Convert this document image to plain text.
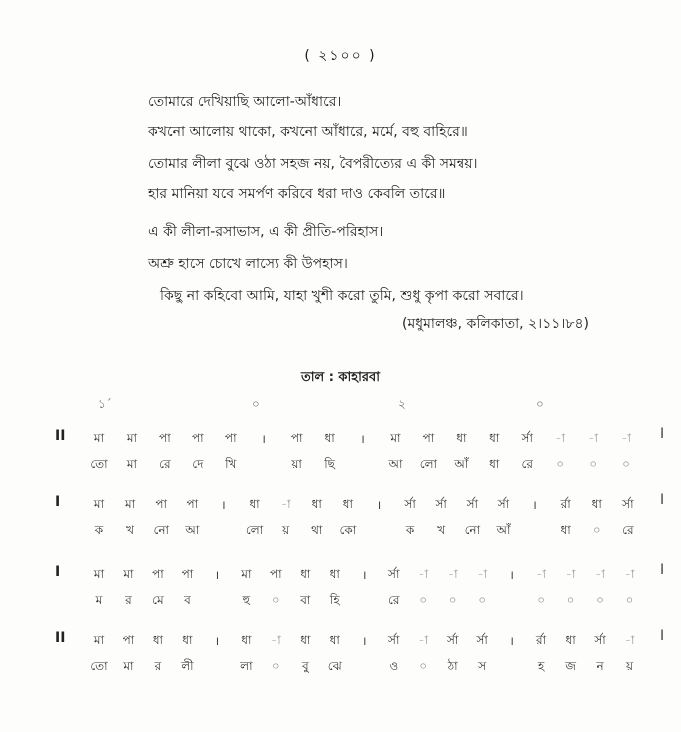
( ২১০০ )
তোমারে দেখিয়াছি আলো-আঁধারে।
কখনো আলোয় থাকো, কখনো আঁধারে, মর্মে, বহু বাহিরে॥
তোমার লীলা বুঝে ওঠা সহজ নয়, বৈপরীত্যের এ কী সমন্বয়।
হার মানিয়া যবে সমর্পণ করিবে ধরা দাও কেবলি তারে॥
এ কী লীলা-রসাভাস, এ কী প্রীতি-পরিহাস।
অশ্রু হাসে চোখে লাস্যে কী উপহাস।
কিছু না কহিবো আমি, যাহা খুশী করো তুমি, শুধু কৃপা করো সবারে।
(মধুমালঞ্চ, কলিকাতা, ২।১১।৮৪)
তাল : কাহারবা
১´	০	২	০
II	I
মা	মা	পা	পা	পা	।	পা	ধা	।	মা	পা	ধা	ধা	র্সা	-া	-া	-া
তো	মা	রে	দে	খি	য়া	ছি	আ	লো	আঁ	ধা	রে	০	০	০
I	I
মা	মা	পা	পা	।	ধা	-া	ধা	ধা	।	র্সা	র্সা	র্সা	র্সা	।	র্রা	ধা	র্সা
ক	খ	নো	আ	লো	য়	থা	কো	ক	খ	নো	আঁ	ধা	০	রে
I	I
মা	মা	পা	পা	।	মা	পা	ধা	ধা	।	র্সা	-া	-া	-া	।	-া	-া	-া	-া
ম	র	মে	ব	হু	০	বা	হি	রে	০	০	০	০	০	০	০
II	I
মা	পা	ধা	ধা	।	ধা	-া	ধা	ধা	।	র্সা	-া	র্সা	র্সা	।	র্রা	ধা	র্সা	-া
তো	মা	র	লী	লা	০	বু	ঝে	ও	০	ঠা	স	হ	জ	ন	য়
